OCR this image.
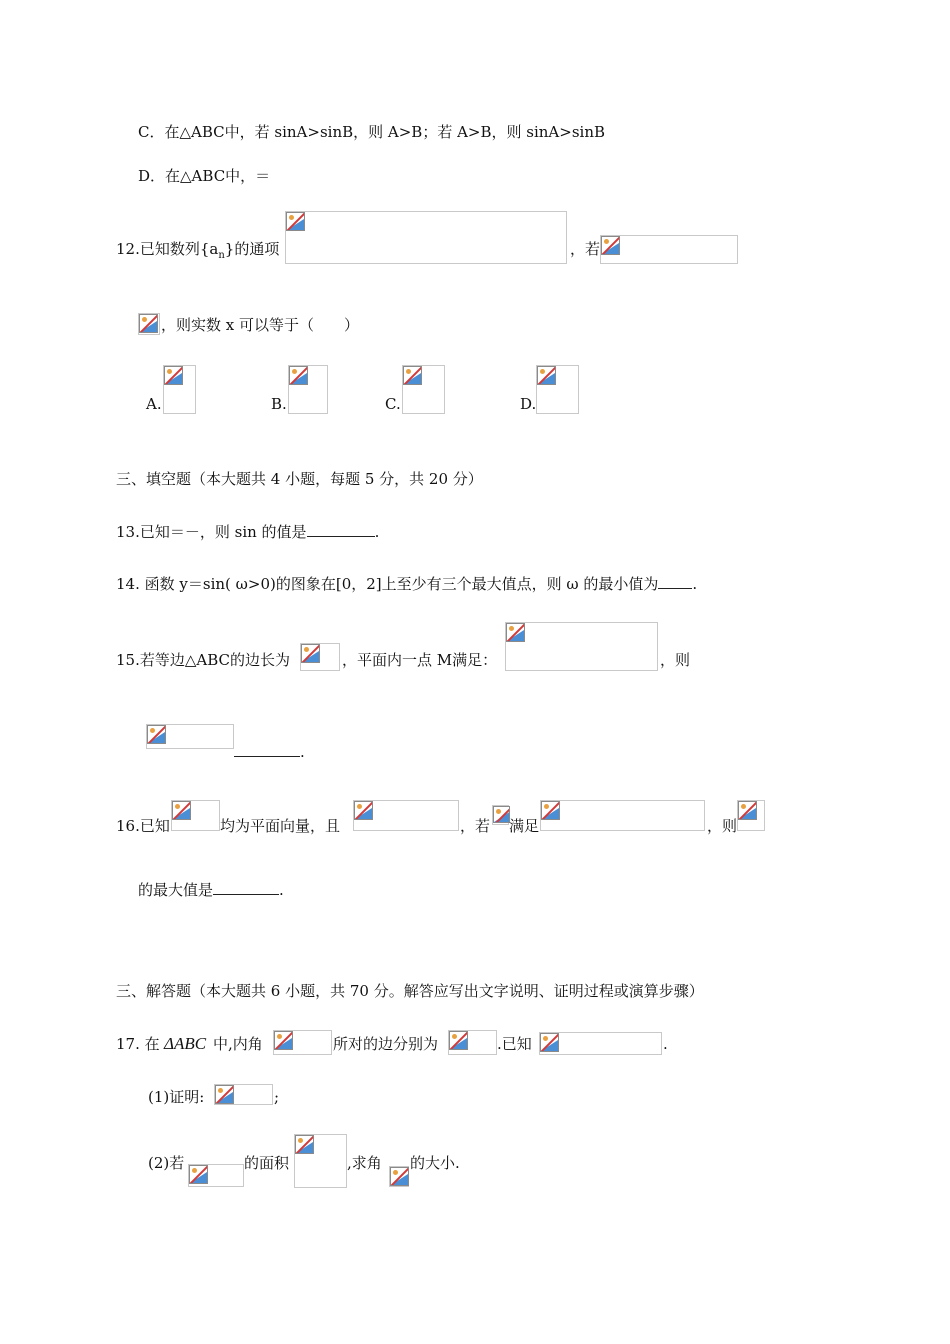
C．在△ABC中，若 sinA>sinB，则 A>B；若 A>B，则 sinA>sinB
D．在△ABC中，＝
12.已知数列$\{a_n\}$的通项	，若
，则实数 x 可以等于（　　）
A.	B.	C.	D.
三、填空题（本大题共 4 小题，每题 5 分，共 20 分）
13.已知＝－，则 sin 的值是	.
14. 函数 y＝sin( ω>0)的图象在[0，2]上至少有三个最大值点，则 ω 的最小值为 .
15.若等边△ABC的边长为	，平面内一点 M满足：	，则
.
16.已知	均为平面向量，且	，若 满足	，则
的最大值是	.
三、解答题（本大题共 6 小题，共 70 分。解答应写出文字说明、证明过程或演算步骤）
17. 在 ΔABC 中,内角	所对的边分别为	.已知	.
(1)证明:	;
(2)若	的面积	,求角 的大小.
